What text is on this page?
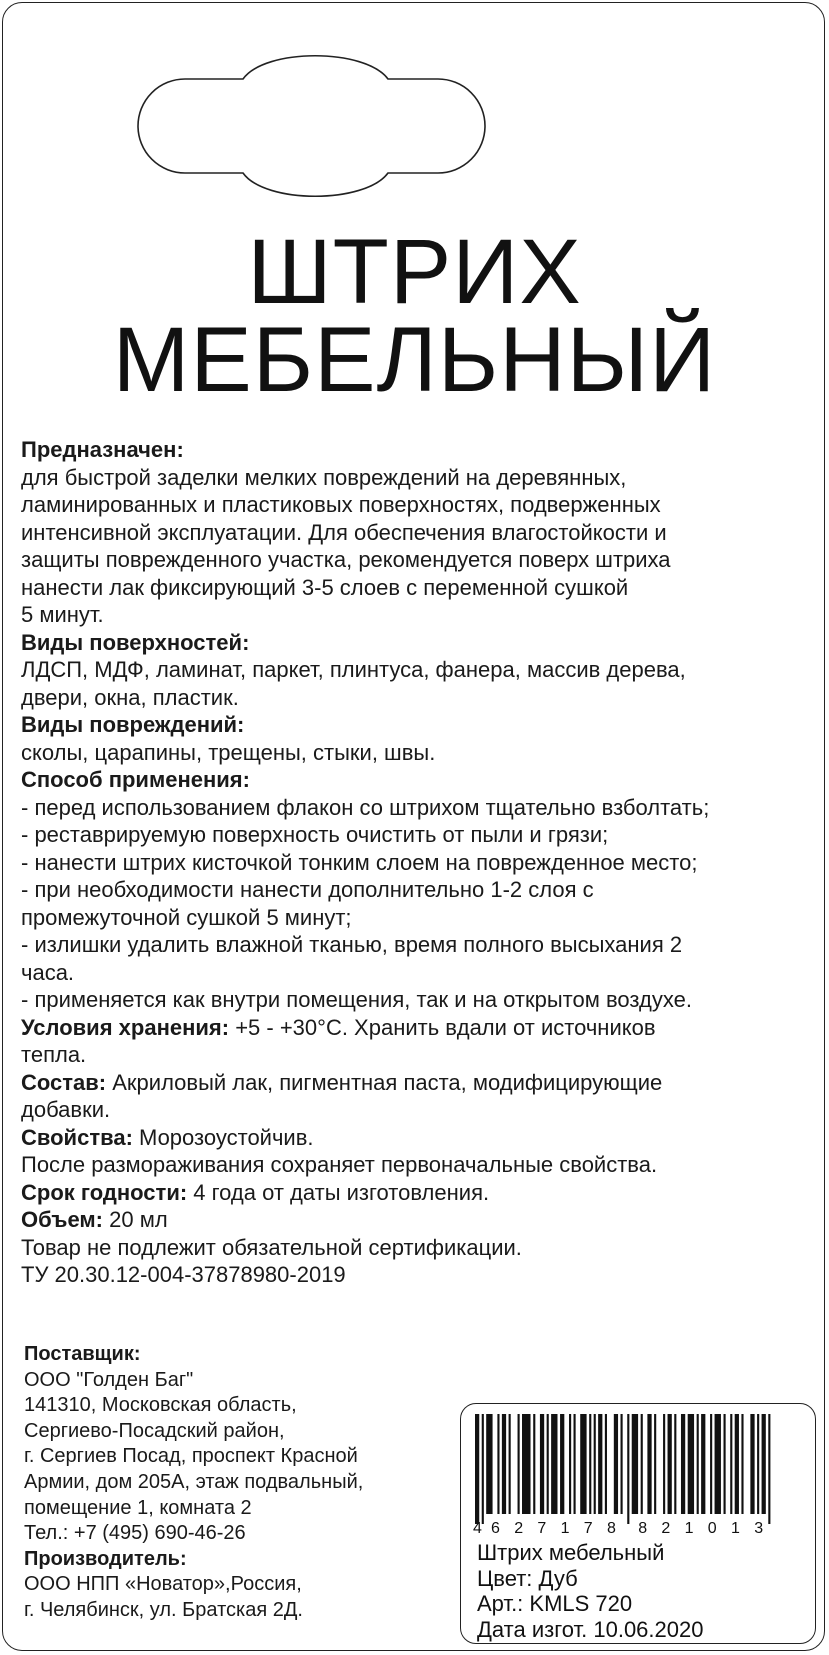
ШТРИХ
МЕБЕЛЬНЫЙ

Предназначен:

для быстрой заделки мелких повреждений на деревянных,
ламинированных и пластиковых поверхностях, подверженных
интенсивной эксплуатации. Для обеспечения влагостойкости и
защиты поврежденного участка, рекомендуется поверх штриха
нанести лак фиксирующий 3-5 слоев с переменной сушкой
5 минут.

Виды поверхностей:

ЛДСП, МДФ, ламинат, паркет, плинтуса, фанера, массив дерева,
двери, окна, пластик.

Виды повреждений:

сколы, царапины, трещены, стыки, швы.

Способ применения:

- перед использованием флакон со штрихом тщательно взболтать;
- реставрируемую поверхность очистить от пыли и грязи;
- нанести штрих кисточкой тонким слоем на поврежденное место;
- при необходимости нанести дополнительно 1-2 слоя с
промежуточной сушкой 5 минут;
- излишки удалить влажной тканью, время полного высыхания 2
часа.
- применяется как внутри помещения, так и на открытом воздухе.

Условия хранения: +5 - +30°С. Хранить вдали от источников
тепла.

Состав: Акриловый лак, пигментная паста, модифицирующие
добавки.

Свойства: Морозоустойчив.

После размораживания сохраняет первоначальные свойства.

Срок годности: 4 года от даты изготовления.

Объем: 20 мл

Товар не подлежит обязательной сертификации.

ТУ 20.30.12-004-37878980-2019

Поставщик:

ООО "Голден Баг"

141310, Московская область,

Сергиево-Посадский район,

г. Сергиев Посад, проспект Красной

Армии, дом 205А, этаж подвальный,

помещение 1, комната 2

Тел.: +7 (495) 690-46-26

Производитель:

ООО НПП «Новатор»,Россия,

г. Челябинск, ул. Братская 2Д.

4 6 2 7 1 7 8 8 2 1 0 1 3

Штрих мебельный

Цвет: Дуб

Арт.: KMLS 720

Дата изгот. 10.06.2020
